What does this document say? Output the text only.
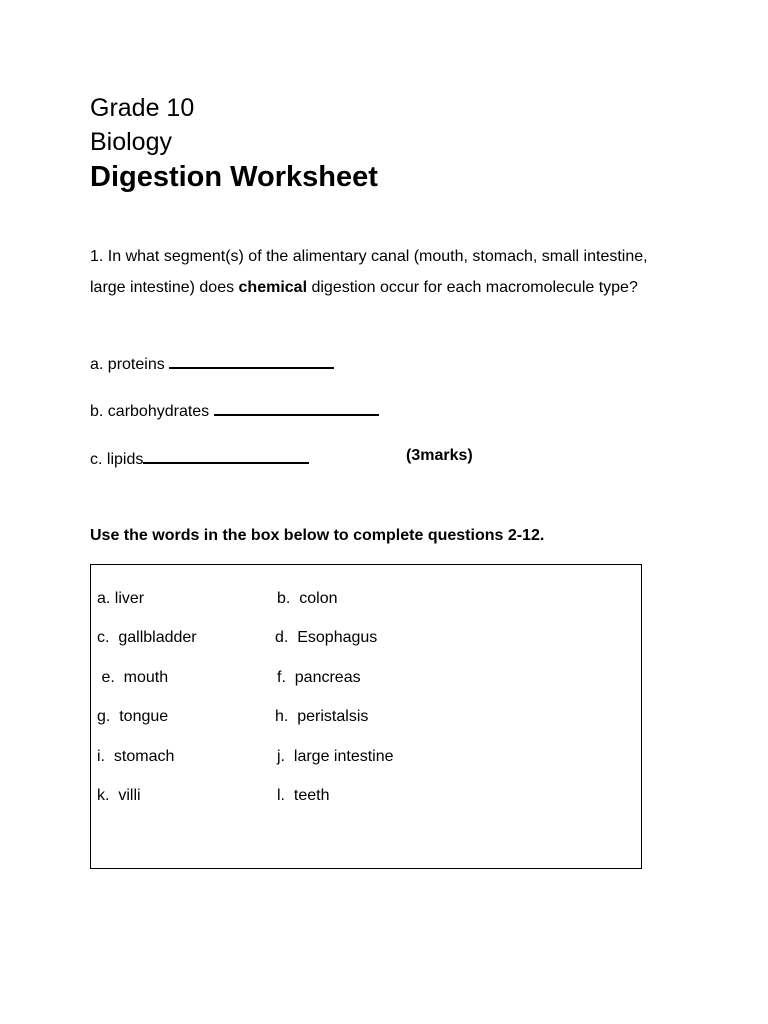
Grade 10
Biology
Digestion Worksheet
1. In what segment(s) of the alimentary canal (mouth, stomach, small intestine, large intestine) does chemical digestion occur for each macromolecule type?
a. proteins
b. carbohydrates
c. lipids	(3marks)
Use the words in the box below to complete questions 2-12.
a. liver
c.  gallbladder
e.  mouth
g.  tongue
i.  stomach
k.  villi
b.  colon
d.  Esophagus
f.  pancreas
h.  peristalsis
j.  large intestine
l.  teeth
